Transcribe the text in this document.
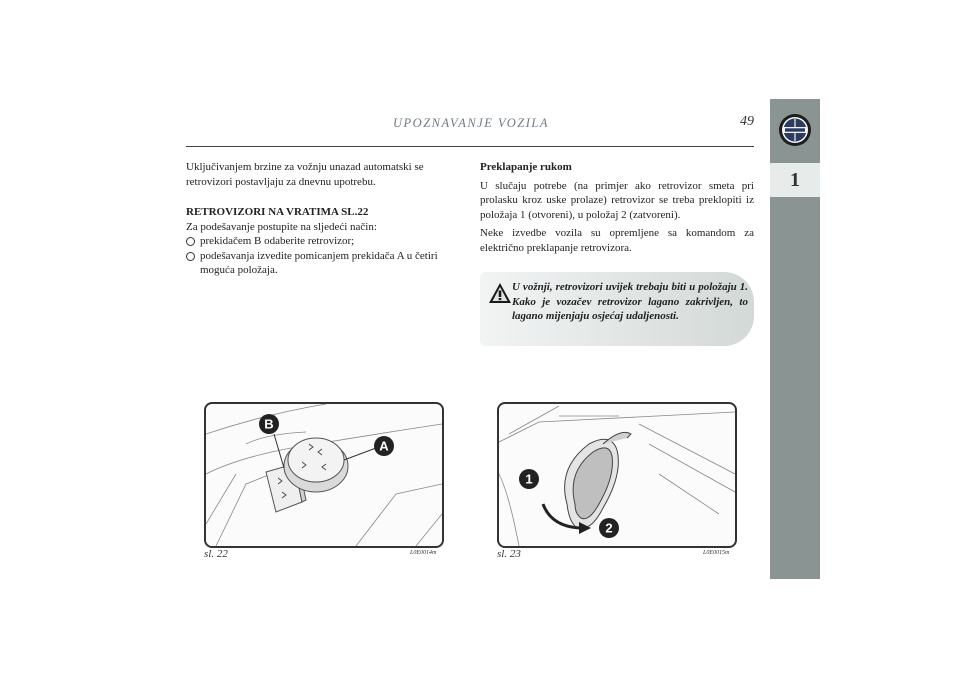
UPOZNAVANJE VOZILA	49
1

Uključivanjem brzine za vožnju unazad automatski se retrovizori postavljaju za dnevnu upotrebu.

RETROVIZORI NA VRATIMA SL.22

Za podešavanje postupite na sljedeći način:

prekidačem B odaberite retrovizor;

podešavanja izvedite pomicanjem prekidača A u četiri moguća položaja.

Preklapanje rukom

U slučaju potrebe (na primjer ako retrovizor smeta pri prolasku kroz uske prolaze) retrovizor se treba preklopiti iz položaja 1 (otvoreni), u položaj 2 (zatvoreni).

Neke izvedbe vozila su opremljene sa komandom za električno preklapanje retrovizora.

U vožnji, retrovizori uvijek trebaju biti u položaju 1. Kako je vozačev retrovizor lagano zakrivljen, to lagano mijenjaju osjećaj udaljenosti.
B
A
sl. 22	L0E0014m
1
2
sl. 23	L0E0015m
